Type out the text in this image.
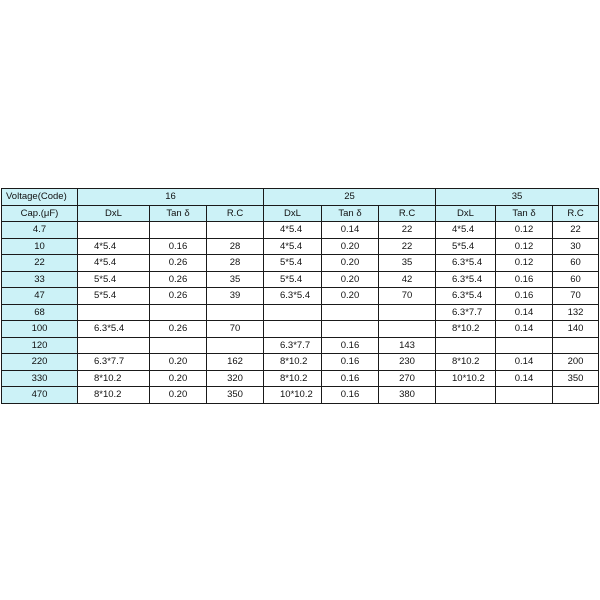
Voltage(Code)	16			25			35		
Cap.(μF)	DxL	Tan δ	R.C	DxL	Tan δ	R.C	DxL	Tan δ	R.C
4.7				4*5.4	0.14	22	4*5.4	0.12	22
10	4*5.4	0.16	28	4*5.4	0.20	22	5*5.4	0.12	30
22	4*5.4	0.26	28	5*5.4	0.20	35	6.3*5.4	0.12	60
33	5*5.4	0.26	35	5*5.4	0.20	42	6.3*5.4	0.16	60
47	5*5.4	0.26	39	6.3*5.4	0.20	70	6.3*5.4	0.16	70
68							6.3*7.7	0.14	132
100	6.3*5.4	0.26	70				8*10.2	0.14	140
120				6.3*7.7	0.16	143			
220	6.3*7.7	0.20	162	8*10.2	0.16	230	8*10.2	0.14	200
330	8*10.2	0.20	320	8*10.2	0.16	270	10*10.2	0.14	350
470	8*10.2	0.20	350	10*10.2	0.16	380			
